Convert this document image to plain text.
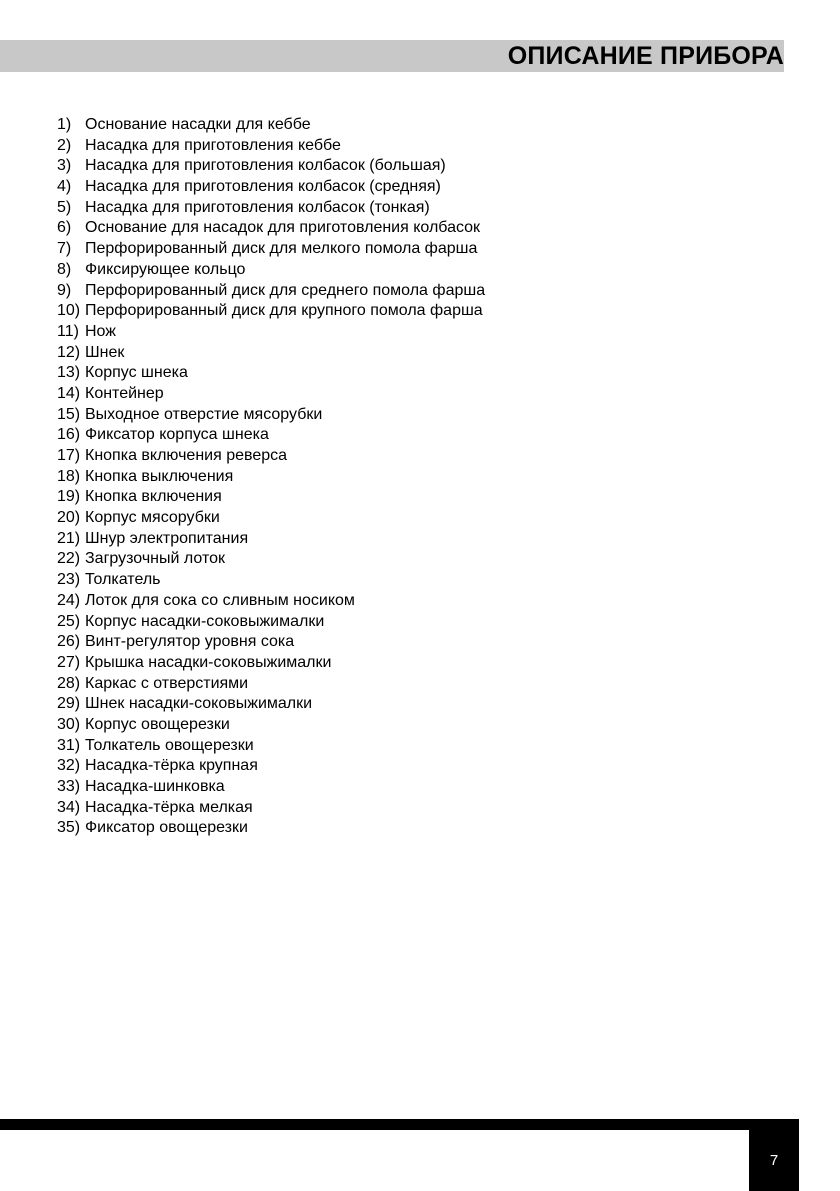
ОПИСАНИЕ ПРИБОРА
1) Основание насадки для кеббе
2) Насадка для приготовления кеббе
3) Насадка для приготовления колбасок (большая)
4) Насадка для приготовления колбасок (средняя)
5) Насадка для приготовления колбасок (тонкая)
6) Основание для насадок для приготовления колбасок
7) Перфорированный диск для мелкого помола фарша
8) Фиксирующее кольцо
9) Перфорированный диск для среднего помола фарша
10) Перфорированный диск для крупного помола фарша
11) Нож
12) Шнек
13) Корпус шнека
14) Контейнер
15) Выходное отверстие мясорубки
16) Фиксатор корпуса шнека
17) Кнопка включения реверса
18) Кнопка выключения
19) Кнопка включения
20) Корпус мясорубки
21) Шнур электропитания
22) Загрузочный лоток
23) Толкатель
24) Лоток для сока со сливным носиком
25) Корпус насадки-соковыжималки
26) Винт-регулятор уровня сока
27) Крышка насадки-соковыжималки
28) Каркас с отверстиями
29) Шнек насадки-соковыжималки
30) Корпус овощерезки
31) Толкатель овощерезки
32) Насадка-тёрка крупная
33) Насадка-шинковка
34) Насадка-тёрка мелкая
35) Фиксатор овощерезки
7
